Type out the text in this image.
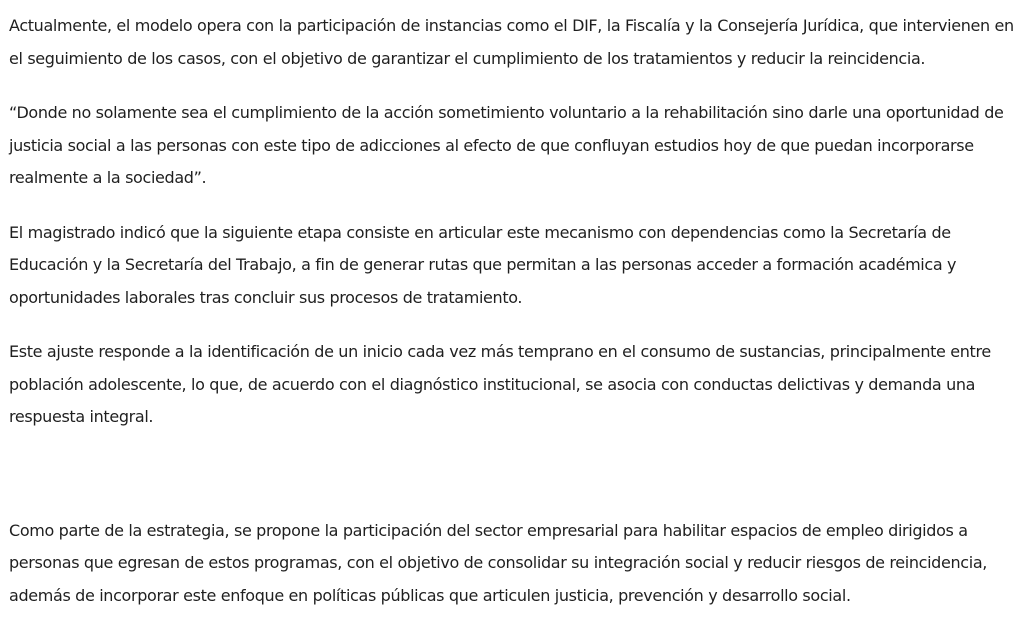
Actualmente, el modelo opera con la participación de instancias como el DIF, la Fiscalía y la Consejería Jurídica, que intervienen en el seguimiento de los casos, con el objetivo de garantizar el cumplimiento de los tratamientos y reducir la reincidencia.

“Donde no solamente sea el cumplimiento de la acción sometimiento voluntario a la rehabilitación sino darle una oportunidad de justicia social a las personas con este tipo de adicciones al efecto de que confluyan estudios hoy de que puedan incorporarse realmente a la sociedad”.

El magistrado indicó que la siguiente etapa consiste en articular este mecanismo con dependencias como la Secretaría de Educación y la Secretaría del Trabajo, a fin de generar rutas que permitan a las personas acceder a formación académica y oportunidades laborales tras concluir sus procesos de tratamiento.

Este ajuste responde a la identificación de un inicio cada vez más temprano en el consumo de sustancias, principalmente entre población adolescente, lo que, de acuerdo con el diagnóstico institucional, se asocia con conductas delictivas y demanda una respuesta integral.

Como parte de la estrategia, se propone la participación del sector empresarial para habilitar espacios de empleo dirigidos a personas que egresan de estos programas, con el objetivo de consolidar su integración social y reducir riesgos de reincidencia, además de incorporar este enfoque en políticas públicas que articulen justicia, prevención y desarrollo social.
